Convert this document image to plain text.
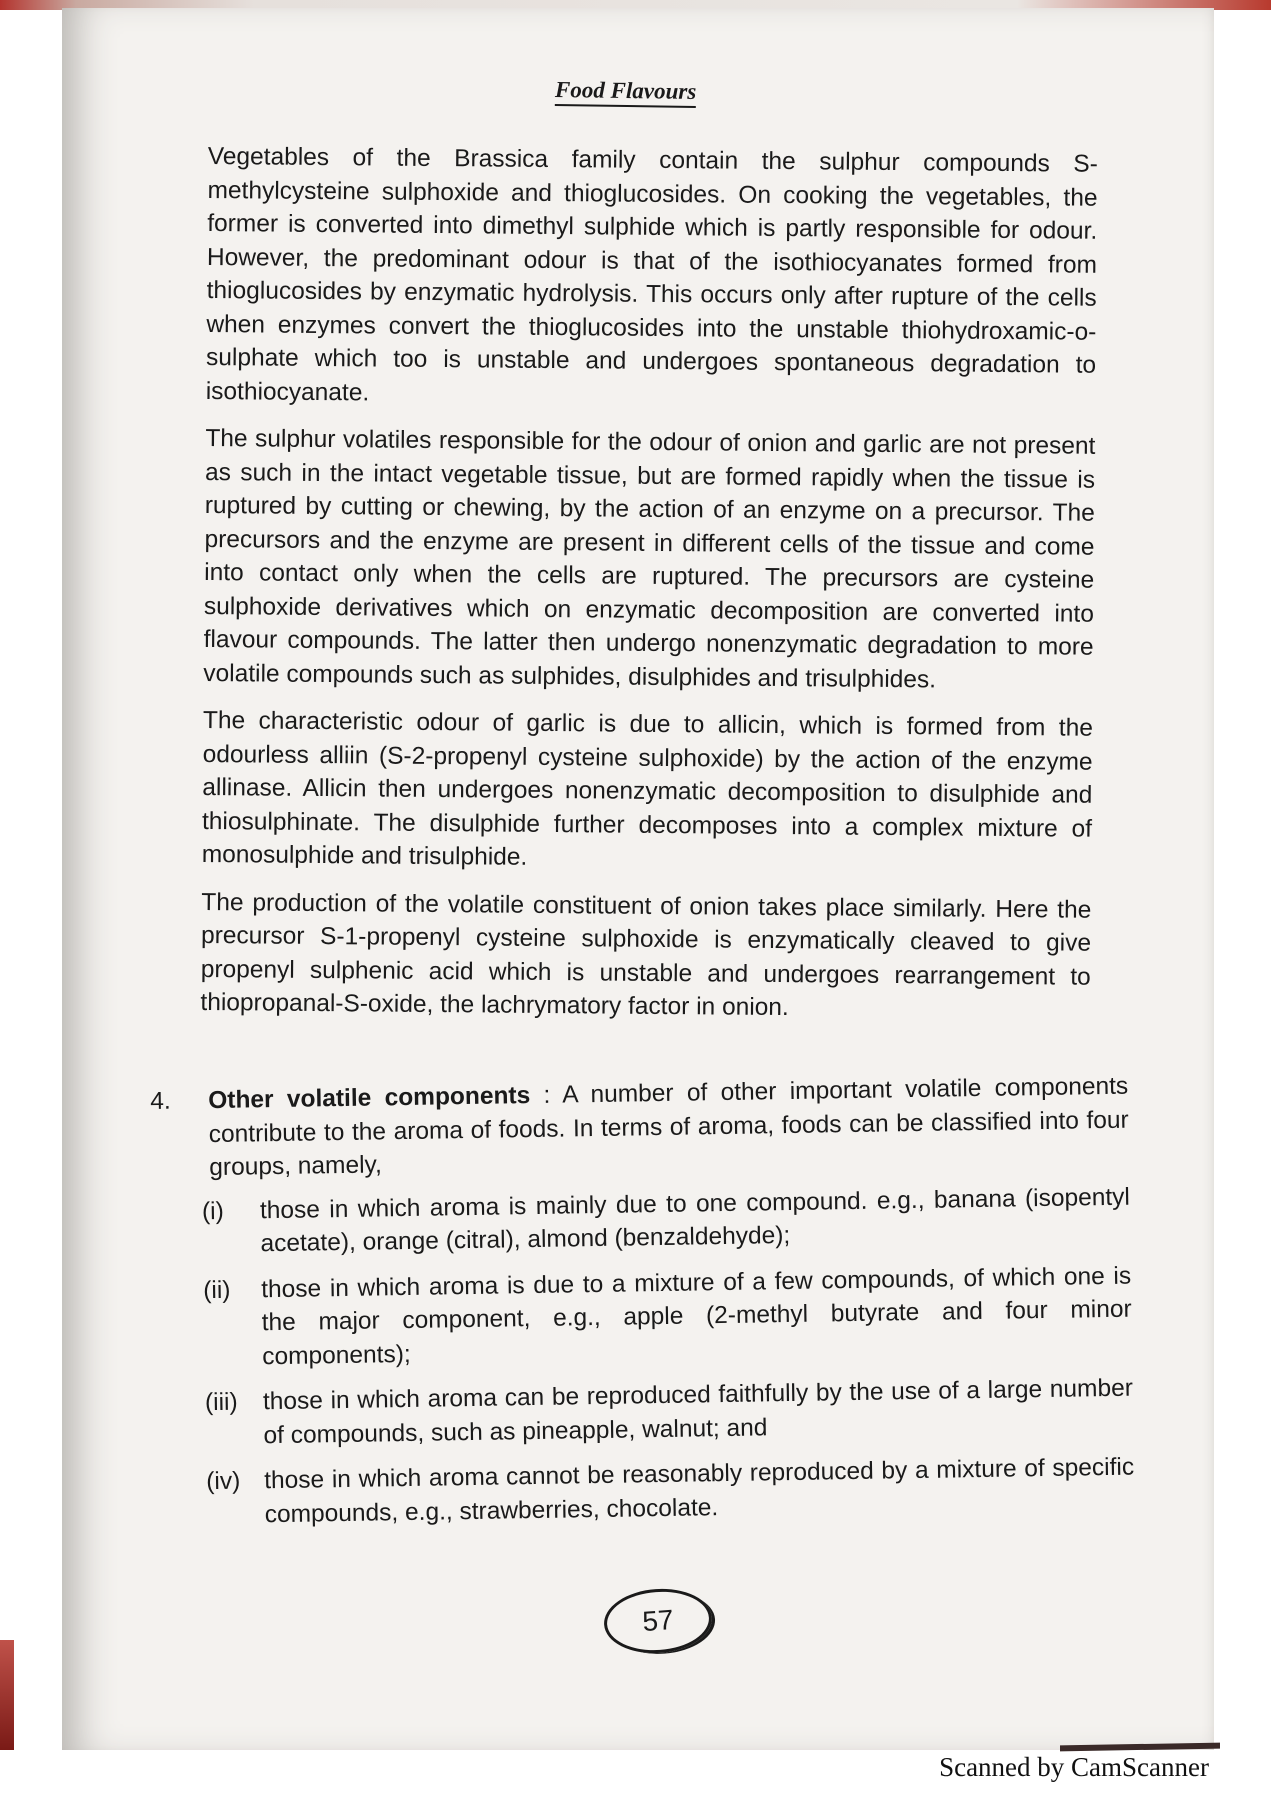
Food Flavours

Vegetables of the Brassica family contain the sulphur compounds S-methylcysteine sulphoxide and thioglucosides. On cooking the vegetables, the former is converted into dimethyl sulphide which is partly responsible for odour. However, the predominant odour is that of the isothiocyanates formed from thioglucosides by enzymatic hydrolysis. This occurs only after rupture of the cells when enzymes convert the thioglucosides into the unstable thiohydroxamic-o-sulphate which too is unstable and undergoes spontaneous degradation to isothiocyanate.

The sulphur volatiles responsible for the odour of onion and garlic are not present as such in the intact vegetable tissue, but are formed rapidly when the tissue is ruptured by cutting or chewing, by the action of an enzyme on a precursor. The precursors and the enzyme are present in different cells of the tissue and come into contact only when the cells are ruptured. The precursors are cysteine sulphoxide derivatives which on enzymatic decomposition are converted into flavour compounds. The latter then undergo nonenzymatic degradation to more volatile compounds such as sulphides, disulphides and trisulphides.

The characteristic odour of garlic is due to allicin, which is formed from the odourless alliin (S-2-propenyl cysteine sulphoxide) by the action of the enzyme allinase. Allicin then undergoes nonenzymatic decomposition to disulphide and thiosulphinate. The disulphide further decomposes into a complex mixture of monosulphide and trisulphide.

The production of the volatile constituent of onion takes place similarly. Here the precursor S-1-propenyl cysteine sulphoxide is enzymatically cleaved to give propenyl sulphenic acid which is unstable and undergoes rearrangement to thiopropanal-S-oxide, the lachrymatory factor in onion.

4.	Other volatile components : A number of other important volatile components contribute to the aroma of foods. In terms of aroma, foods can be classified into four groups, namely,

(i)	those in which aroma is mainly due to one compound. e.g., banana (isopentyl acetate), orange (citral), almond (benzaldehyde);
(ii)	those in which aroma is due to a mixture of a few compounds, of which one is the major component, e.g., apple (2-methyl butyrate and four minor components);
(iii)	those in which aroma can be reproduced faithfully by the use of a large number of compounds, such as pineapple, walnut; and
(iv) those in which aroma cannot be reasonably reproduced by a mixture of specific compounds, e.g., strawberries, chocolate.
57
Scanned by CamScanner
